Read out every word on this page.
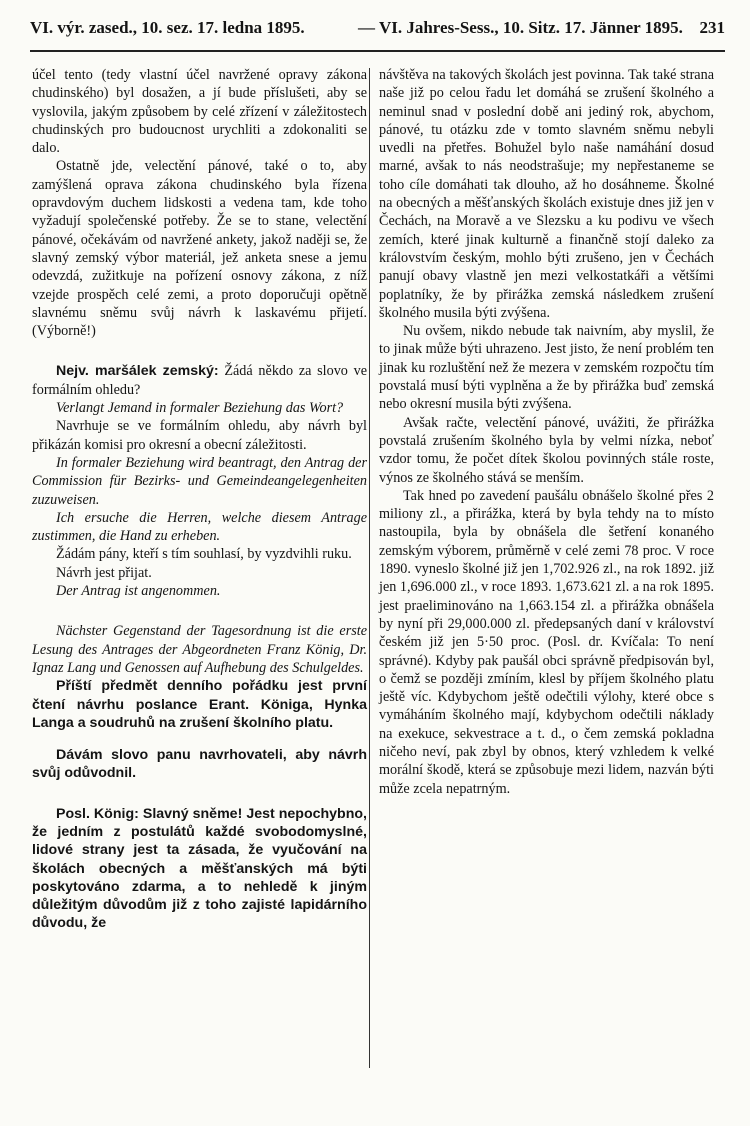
VI. výr. zased., 10. sez. 17. ledna 1895.	— VI. Jahres-Sess., 10. Sitz. 17. Jänner 1895. 231

účel tento (tedy vlastní účel navržené opravy zákona chudinského) byl dosažen, a jí bude příslušeti, aby se vyslovila, jakým způsobem by celé zřízení v záležitostech chudinských pro budoucnost urychliti a zdokonaliti se dalo.

Ostatně jde, velectění pánové, také o to, aby zamýšlená oprava zákona chudinského byla řízena opravdovým duchem lidskosti a vedena tam, kde toho vyžadují společenské potřeby. Že se to stane, velectění pánové, očekávám od navržené ankety, jakož naději se, že slavný zemský výbor materiál, jež anketa snese a jemu odevzdá, zužitkuje na pořízení osnovy zákona, z níž vzejde prospěch celé zemi, a proto doporučuji opětně slavnému sněmu svůj návrh k laskavému přijetí. (Výborně!)

Nejv. maršálek zemský: Žádá někdo za slovo ve formálním ohledu?

Verlangt Jemand in formaler Beziehung das Wort?

Navrhuje se ve formálním ohledu, aby návrh byl přikázán komisi pro okresní a obecní záležitosti.

In formaler Beziehung wird beantragt, den Antrag der Commission für Bezirks- und Gemeindeangelegenheiten zuzuweisen.

Ich ersuche die Herren, welche diesem Antrage zustimmen, die Hand zu erheben.

Žádám pány, kteří s tím souhlasí, by vyzdvihli ruku.

Návrh jest přijat.

Der Antrag ist angenommen.

Nächster Gegenstand der Tagesordnung ist die erste Lesung des Antrages der Abgeordneten Franz König, Dr. Ignaz Lang und Genossen auf Aufhebung des Schulgeldes.

Příští předmět denního pořádku jest první čtení návrhu poslance Erant. Königa, Hynka Langa a soudruhů na zrušení školního platu.

Dávám slovo panu navrhovateli, aby návrh svůj odůvodnil.

Posl. König: Slavný sněme! Jest nepochybno, že jedním z postulátů každé svobodomyslné, lidové strany jest ta zásada, že vyučování na školách obecných a měšťanských má býti poskytováno zdarma, a to nehledě k jiným důležitým důvodům již z toho zajisté lapidárního důvodu, že

návštěva na takových školách jest povinna. Tak také strana naše již po celou řadu let domáhá se zrušení školného a neminul snad v poslední době ani jediný rok, abychom, pánové, tu otázku zde v tomto slavném sněmu nebyli uvedli na přetřes. Bohužel bylo naše namáhání dosud marné, avšak to nás neodstrašuje; my nepřestaneme se toho cíle domáhati tak dlouho, až ho dosáhneme. Školné na obecných a měšťanských školách existuje dnes již jen v Čechách, na Moravě a ve Slezsku a ku podivu ve všech zemích, které jinak kulturně a finančně stojí daleko za královstvím českým, mohlo býti zrušeno, jen v Čechách panují obavy vlastně jen mezi velkostatkáři a většími poplatníky, že by přirážka zemská následkem zrušení školného musila býti zvýšena.

Nu ovšem, nikdo nebude tak naivním, aby myslil, že to jinak může býti uhrazeno. Jest jisto, že není problém ten jinak ku rozluštění než že mezera v zemském rozpočtu tím povstalá musí býti vyplněna a že by přirážka buď zemská nebo okresní musila býti zvýšena.

Avšak račte, velectění pánové, uvážiti, že přirážka povstalá zrušením školného byla by velmi nízka, neboť vzdor tomu, že počet dítek školou povinných stále roste, výnos ze školného stává se menším.

Tak hned po zavedení paušálu obnášelo školné přes 2 miliony zl., a přirážka, která by byla tehdy na to místo nastoupila, byla by obnášela dle šetření konaného zemským výborem, průměrně v celé zemi 78 proc. V roce 1890. vyneslo školné již jen 1,702.926 zl., na rok 1892. již jen 1,696.000 zl., v roce 1893. 1,673.621 zl. a na rok 1895. jest praeliminováno na 1,663.154 zl. a přirážka obnášela by nyní při 29,000.000 zl. předepsaných daní v království českém již jen 5·50 proc. (Posl. dr. Kvíčala: To není správné). Kdyby pak paušál obci správně předpisován byl, o čemž se později zmíním, klesl by příjem školného platu ještě víc. Kdybychom ještě odečtili výlohy, které obce s vymáháním školného mají, kdybychom odečtili náklady na exekuce, sekvestrace a t. d., o čem zemská pokladna ničeho neví, pak zbyl by obnos, který vzhledem k velké morální škodě, která se způsobuje mezi lidem, nazván býti může zcela nepatrným.
